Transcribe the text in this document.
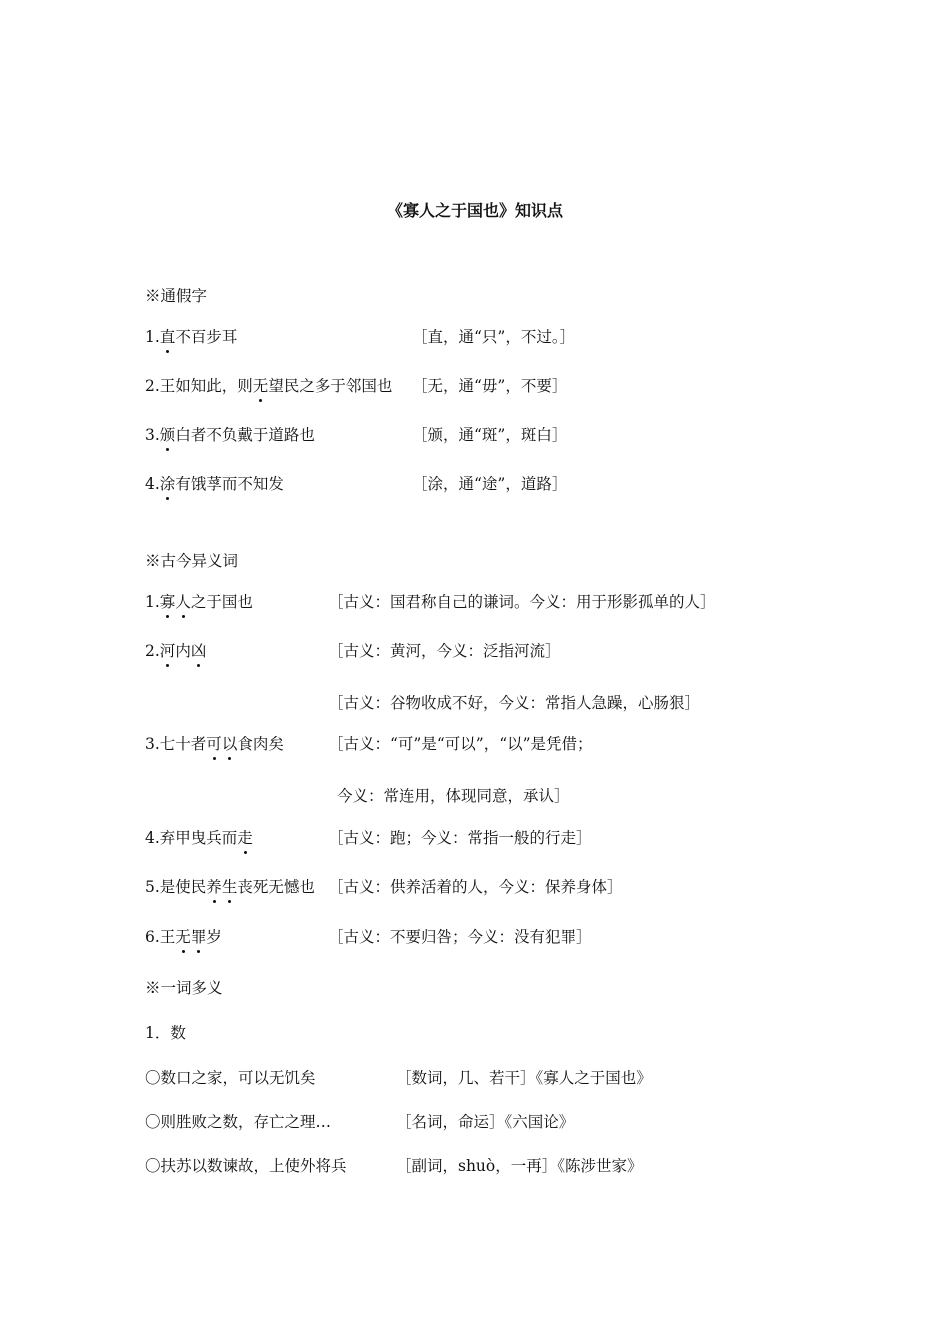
《寡人之于国也》知识点
※通假字
1.直不百步耳	［直，通“只”，不过。］
2.王如知此，则无望民之多于邻国也 ［无，通“毋”，不要］
3.颁白者不负戴于道路也	［颁，通“斑”，斑白］
4.涂有饿莩而不知发	［涂，通“途”，道路］
※古今异义词
1.寡人之于国也	［古义：国君称自己的谦词。今义：用于形影孤单的人］
2.河内凶	［古义：黄河，今义：泛指河流］
［古义：谷物收成不好，今义：常指人急躁，心肠狠］
3.七十者可以食肉矣	［古义：“可”是“可以”，“以”是凭借；
今义：常连用，体现同意，承认］
4.弃甲曳兵而走	［古义：跑；今义：常指一般的行走］
5.是使民养生丧死无憾也 ［古义：供养活着的人，今义：保养身体］
6.王无罪岁	［古义：不要归咎；今义：没有犯罪］
※一词多义
1．数
〇数口之家，可以无饥矣	［数词，几、若干］《寡人之于国也》
〇则胜败之数，存亡之理…	［名词，命运］《六国论》
〇扶苏以数谏故，上使外将兵	［副词，shuò，一再］《陈涉世家》
